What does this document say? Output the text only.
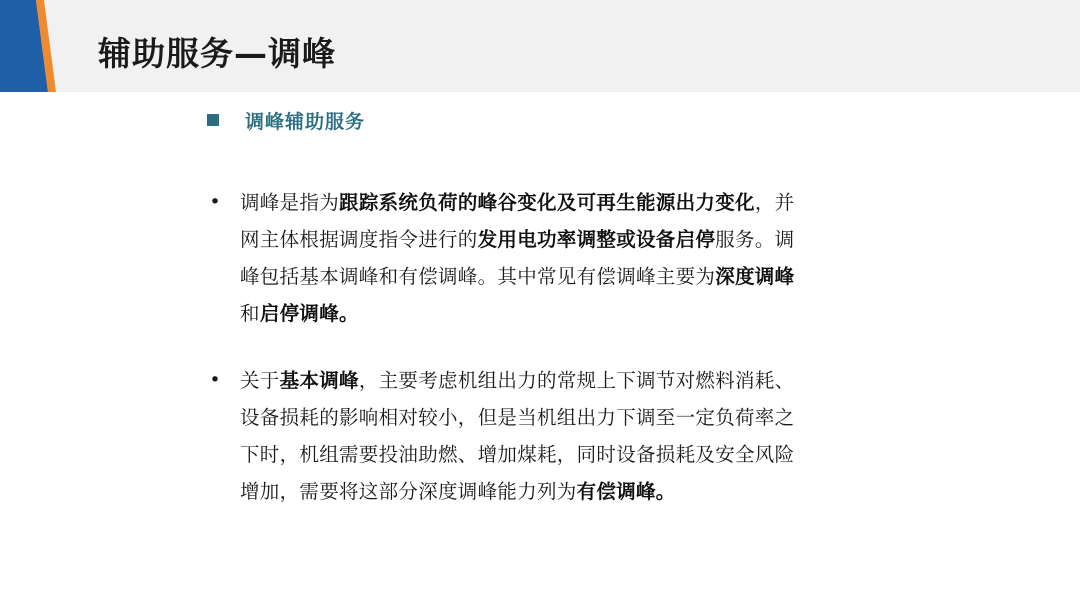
辅助服务—调峰
调峰辅助服务
• 调峰是指为跟踪系统负荷的峰谷变化及可再生能源出力变化，并
网主体根据调度指令进行的发用电功率调整或设备启停服务。调
峰包括基本调峰和有偿调峰。其中常见有偿调峰主要为深度调峰
和启停调峰。
• 关于基本调峰，主要考虑机组出力的常规上下调节对燃料消耗、
设备损耗的影响相对较小，但是当机组出力下调至一定负荷率之
下时，机组需要投油助燃、增加煤耗，同时设备损耗及安全风险
增加，需要将这部分深度调峰能力列为有偿调峰。
